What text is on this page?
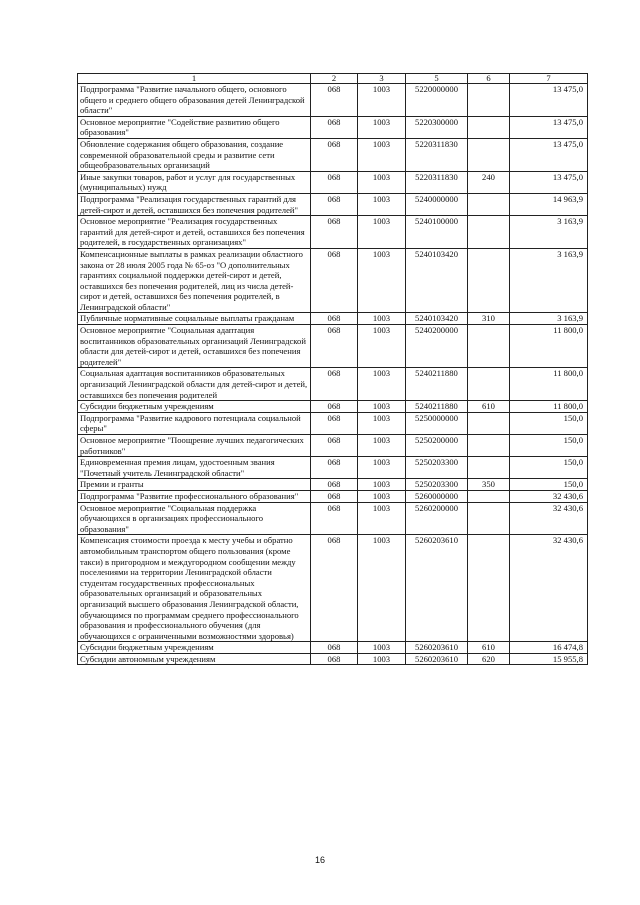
1	2	3	5	6	7
Подпрограмма "Развитие начального общего, основного общего и среднего общего образования детей Ленинградской области"	068	1003	5220000000		13 475,0
Основное мероприятие "Содействие развитию общего образования"	068	1003	5220300000		13 475,0
Обновление содержания общего образования, создание современной образовательной среды и развитие сети общеобразовательных организаций	068	1003	5220311830		13 475,0
Иные закупки товаров, работ и услуг для государственных (муниципальных) нужд	068	1003	5220311830	240	13 475,0
Подпрограмма "Реализация государственных гарантий для детей-сирот и детей, оставшихся без попечения родителей"	068	1003	5240000000		14 963,9
Основное мероприятие "Реализация государственных гарантий для детей-сирот и детей, оставшихся без попечения родителей, в государственных организациях"	068	1003	5240100000		3 163,9
Компенсационные выплаты в рамках реализации областного закона от 28 июля 2005 года № 65-оз "О дополнительных гарантиях социальной поддержки детей-сирот и детей, оставшихся без попечения родителей, лиц из числа детей-сирот и детей, оставшихся без попечения родителей, в Ленинградской области"	068	1003	5240103420		3 163,9
Публичные нормативные социальные выплаты гражданам	068	1003	5240103420	310	3 163,9
Основное мероприятие "Социальная адаптация воспитанников образовательных организаций Ленинградской области для детей-сирот и детей, оставшихся без попечения родителей"	068	1003	5240200000		11 800,0
Социальная адаптация воспитанников образовательных организаций Ленинградской области для детей-сирот и детей, оставшихся без попечения родителей	068	1003	5240211880		11 800,0
Субсидии бюджетным учреждениям	068	1003	5240211880	610	11 800,0
Подпрограмма "Развитие кадрового потенциала социальной сферы"	068	1003	5250000000		150,0
Основное мероприятие "Поощрение лучших педагогических работников"	068	1003	5250200000		150,0
Единовременная премия лицам, удостоенным звания "Почетный учитель Ленинградской области"	068	1003	5250203300		150,0
Премии и гранты	068	1003	5250203300	350	150,0
Подпрограмма "Развитие профессионального образования"	068	1003	5260000000		32 430,6
Основное мероприятие "Социальная поддержка обучающихся в организациях профессионального образования"	068	1003	5260200000		32 430,6
Компенсация стоимости проезда к месту учебы и обратно автомобильным транспортом общего пользования (кроме такси) в пригородном и междугородном сообщении между поселениями на территории Ленинградской области студентам государственных профессиональных образовательных организаций и образовательных организаций высшего образования Ленинградской области, обучающимся по программам среднего профессионального образования и профессионального обучения (для обучающихся с ограниченными возможностями здоровья)	068	1003	5260203610		32 430,6
Субсидии бюджетным учреждениям	068	1003	5260203610	610	16 474,8
Субсидии автономным учреждениям	068	1003	5260203610	620	15 955,8
16
